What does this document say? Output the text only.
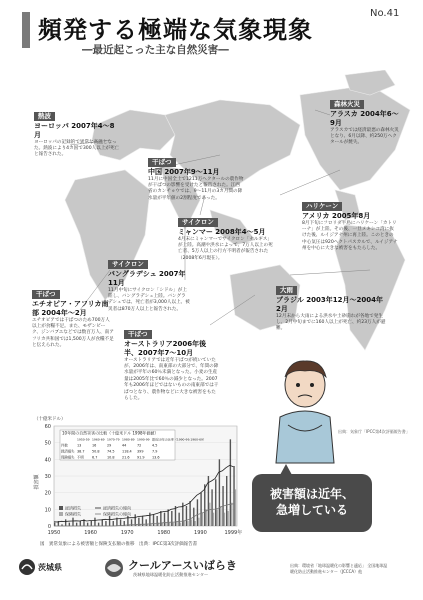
頻発する極端な気象現象
―最近起こった主な自然災害―
No.41
熱波
ヨーロッパ 2007年4～8月
ヨーロッパの記録的で異常な高温となった。熱波により4カ国で300人以上が死亡と報告された。
干ばつ
中国 2007年9～11月
11月に中国全土で1211万ヘクタールの農作物が干ばつの影響を受けたと報告された。江西省のカンチョウでは、9～11月の3カ月間の降水量が平年値の2割程度であった。
森林火災
アラスカ 2004年6～9月
アラスカでは経済最悪の森林火災となり、6月以降、約250万ヘクタールが焼失。
サイクロン
ミャンマー 2008年4～5月
4月末にミャンマーでサイクロン「ナルギス」が上陸。高潮や洪水によって、7万人以上の死亡者、5万人以上の行方不明者が報告された（2008年6月現在）。
ハリケーン
アメリカ 2005年8月
8月下旬にフロリダ半島にハリケーン「カトリーナ」が上陸。その後、一旦メキシコ湾に抜けた後、ルイジアナ州に再上陸。このときの中心気圧は920ヘクトパスカルで、ルイジアナ州を中心に大きな被害をもたらした。
サイクロン
バングラデシュ 2007年11月
11月中旬にサイクロン「シドル」が上陸し、バングラデシュ上陸。バングラデシュでは、死亡者が3,000人以上、被災者は870万人以上と報告された。
干ばつ
エチオピア・アフリカ南部 2004年～2月
エチオピアでは干ばつのため700万人以上が食糧不足。また、モザンビーク、ジンバブエなどでは数百万人、南アフリカ共和国では1,500万人が食糧不足と伝えられた。
干ばつ
オーストラリア2006年後半、2007年7～10月
オーストラリアでは近年干ばつが続いていたが、2006年は、南東部の大部分で、年間の降水量が平年の60％未満となった。小麦の生産量は2005年比で60％の減少となった。2007年も2006年ほどではないものの南東部では干ばつとなり、農作物などに大きな被害をもたらした。
大雨
ブラジル 2003年12月～2004年2月
12月末から大雨による洪水や土砂崩れが各地で発生し、2月中旬までに160人以上が死亡、約23万人が避難。
出典：気象庁「IPCC第4次評価報告書」
0
10
20
30
40
50
60
（十億米ドル）
損害額
1950	1960	1970	1980	1990	1999年
経済損失
保険損失
経済損失の傾向
保険損失の傾向
10年間の自然災害の比較（十億米ドル 1998年価値）
1950-59 1960-69 1970-79 1980-89 1990-99 最近10年の比率（1990-99:1960-69）
件数	13	16	29	44	72	4.5
経済損失 38.7 50.8 74.5 118.4 399	7.9
保険損失 不明 6.7	10.8 21.6 91.9 13.6
図　異常気象による被害額と保険支払額の推移　出典：IPCC第3次評価報告書
被害額は近年、
急増している
茨城県	クールアースいばらき
茨城県地球温暖化防止活動推進センター
出典：環境省「地球温暖化の影響と適応」 全国地球温暖化防止活動推進センター（JCCCA）他
